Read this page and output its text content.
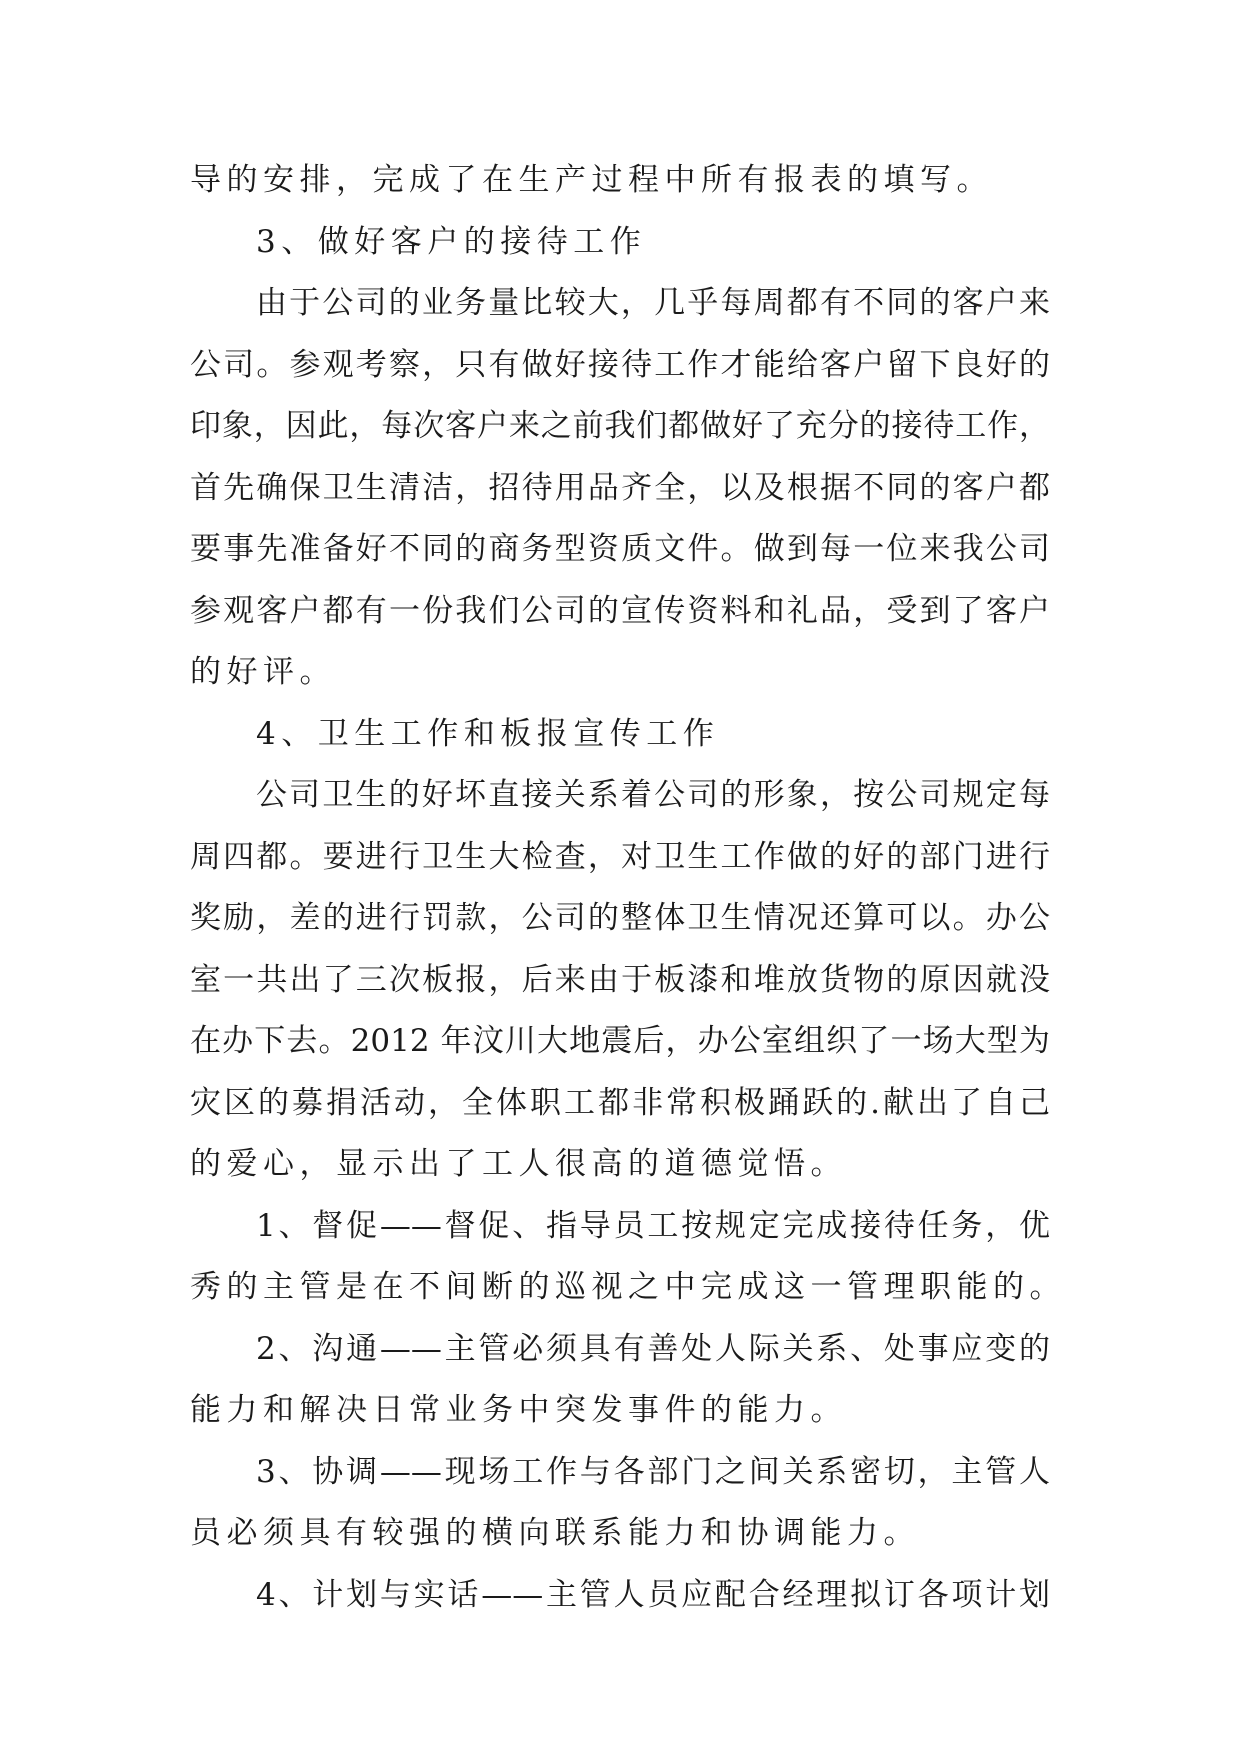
导的安排，完成了在生产过程中所有报表的填写。

3、做好客户的接待工作

由于公司的业务量比较大，几乎每周都有不同的客户来

公司。参观考察，只有做好接待工作才能给客户留下良好的

印象，因此，每次客户来之前我们都做好了充分的接待工作，

首先确保卫生清洁，招待用品齐全，以及根据不同的客户都

要事先准备好不同的商务型资质文件。做到每一位来我公司

参观客户都有一份我们公司的宣传资料和礼品，受到了客户

的好评。

4、卫生工作和板报宣传工作

公司卫生的好坏直接关系着公司的形象，按公司规定每

周四都。要进行卫生大检查，对卫生工作做的好的部门进行

奖励，差的进行罚款，公司的整体卫生情况还算可以。办公

室一共出了三次板报，后来由于板漆和堆放货物的原因就没

在办下去。2012 年汶川大地震后，办公室组织了一场大型为

灾区的募捐活动，全体职工都非常积极踊跃的.献出了自己

的爱心，显示出了工人很高的道德觉悟。

1、督促——督促、指导员工按规定完成接待任务，优

秀的主管是在不间断的巡视之中完成这一管理职能的。

2、沟通——主管必须具有善处人际关系、处事应变的

能力和解决日常业务中突发事件的能力。

3、协调——现场工作与各部门之间关系密切，主管人

员必须具有较强的横向联系能力和协调能力。

4、计划与实话——主管人员应配合经理拟订各项计划
